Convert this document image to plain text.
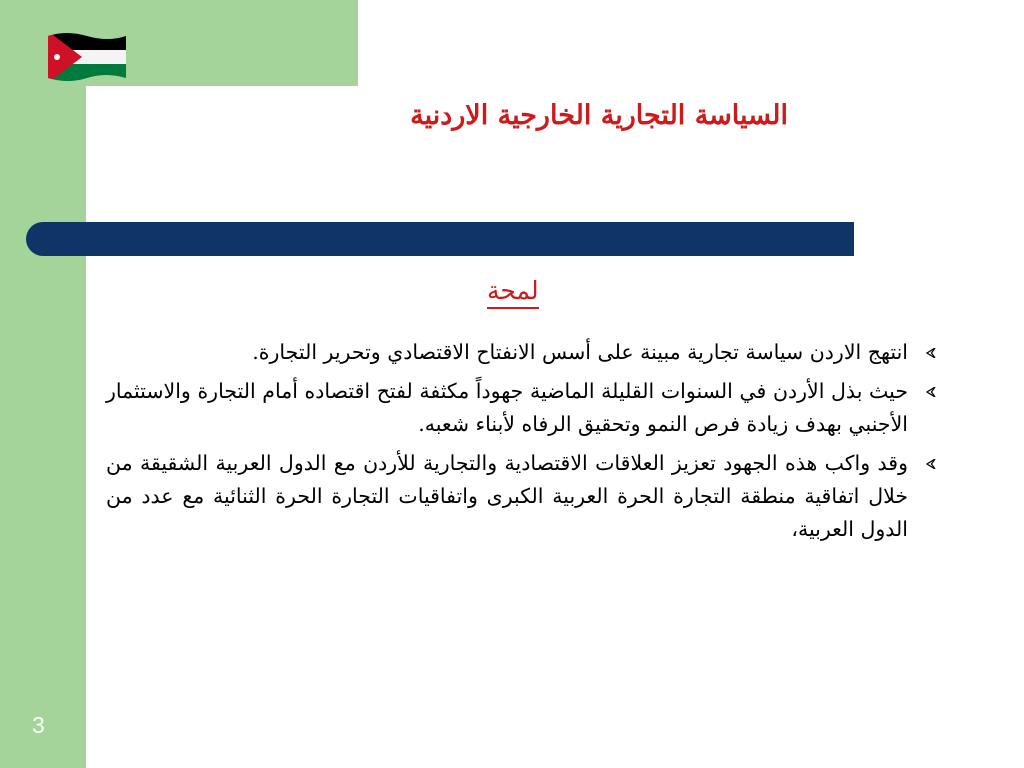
السياسة التجارية الخارجية الاردنية
لمحة
انتهج الاردن سياسة تجارية مبينة على أسس الانفتاح الاقتصادي وتحرير التجارة.
حيث بذل الأردن في السنوات القليلة الماضية جهوداً مكثفة لفتح اقتصاده أمام التجارة والاستثمار الأجنبي بهدف زيادة فرص النمو وتحقيق الرفاه لأبناء شعبه.
وقد واكب هذه الجهود تعزيز العلاقات الاقتصادية والتجارية للأردن مع الدول العربية الشقيقة من خلال اتفاقية منطقة التجارة الحرة العربية الكبرى واتفاقيات التجارة الحرة الثنائية مع عدد من الدول العربية،
3
